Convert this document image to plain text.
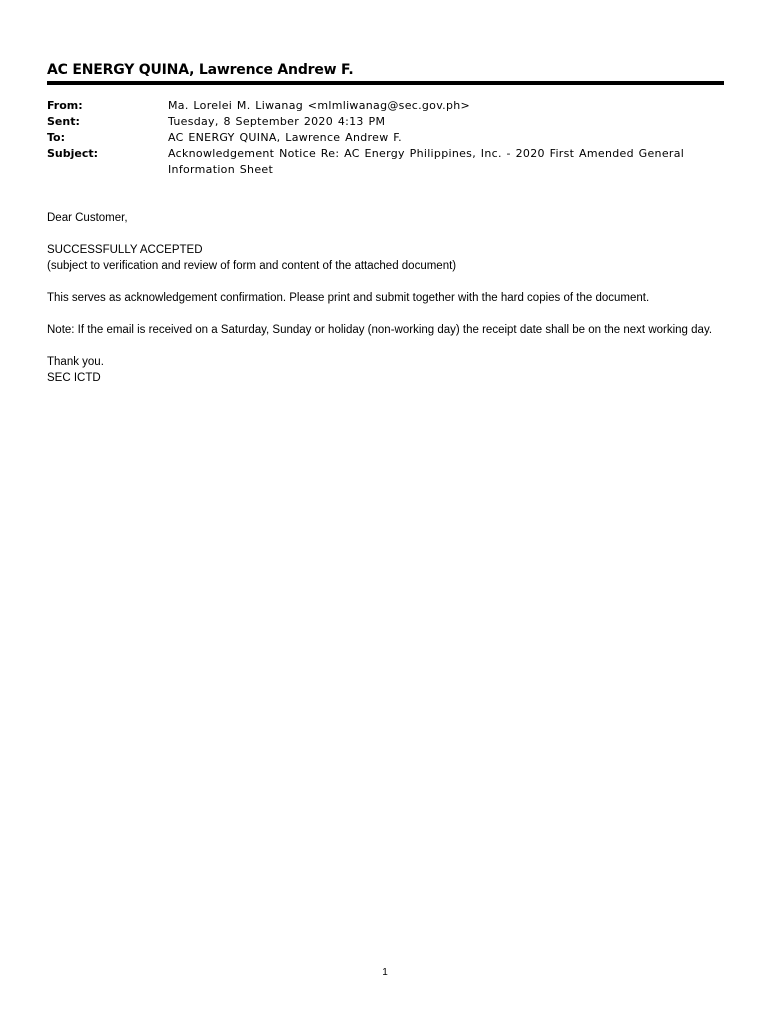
AC ENERGY QUINA, Lawrence Andrew F.
From:	Ma. Lorelei M. Liwanag <mlmliwanag@sec.gov.ph>
Sent:	Tuesday, 8 September 2020 4:13 PM
To:	AC ENERGY QUINA, Lawrence Andrew F.
Subject:	Acknowledgement Notice Re: AC Energy Philippines, Inc. - 2020 First Amended General Information Sheet

Dear Customer,

SUCCESSFULLY ACCEPTED

(subject to verification and review of form and content of the attached document)

This serves as acknowledgement confirmation. Please print and submit together with the hard copies of the document.

Note: If the email is received on a Saturday, Sunday or holiday (non-working day) the receipt date shall be on the next working day.

Thank you.

SEC ICTD

1
